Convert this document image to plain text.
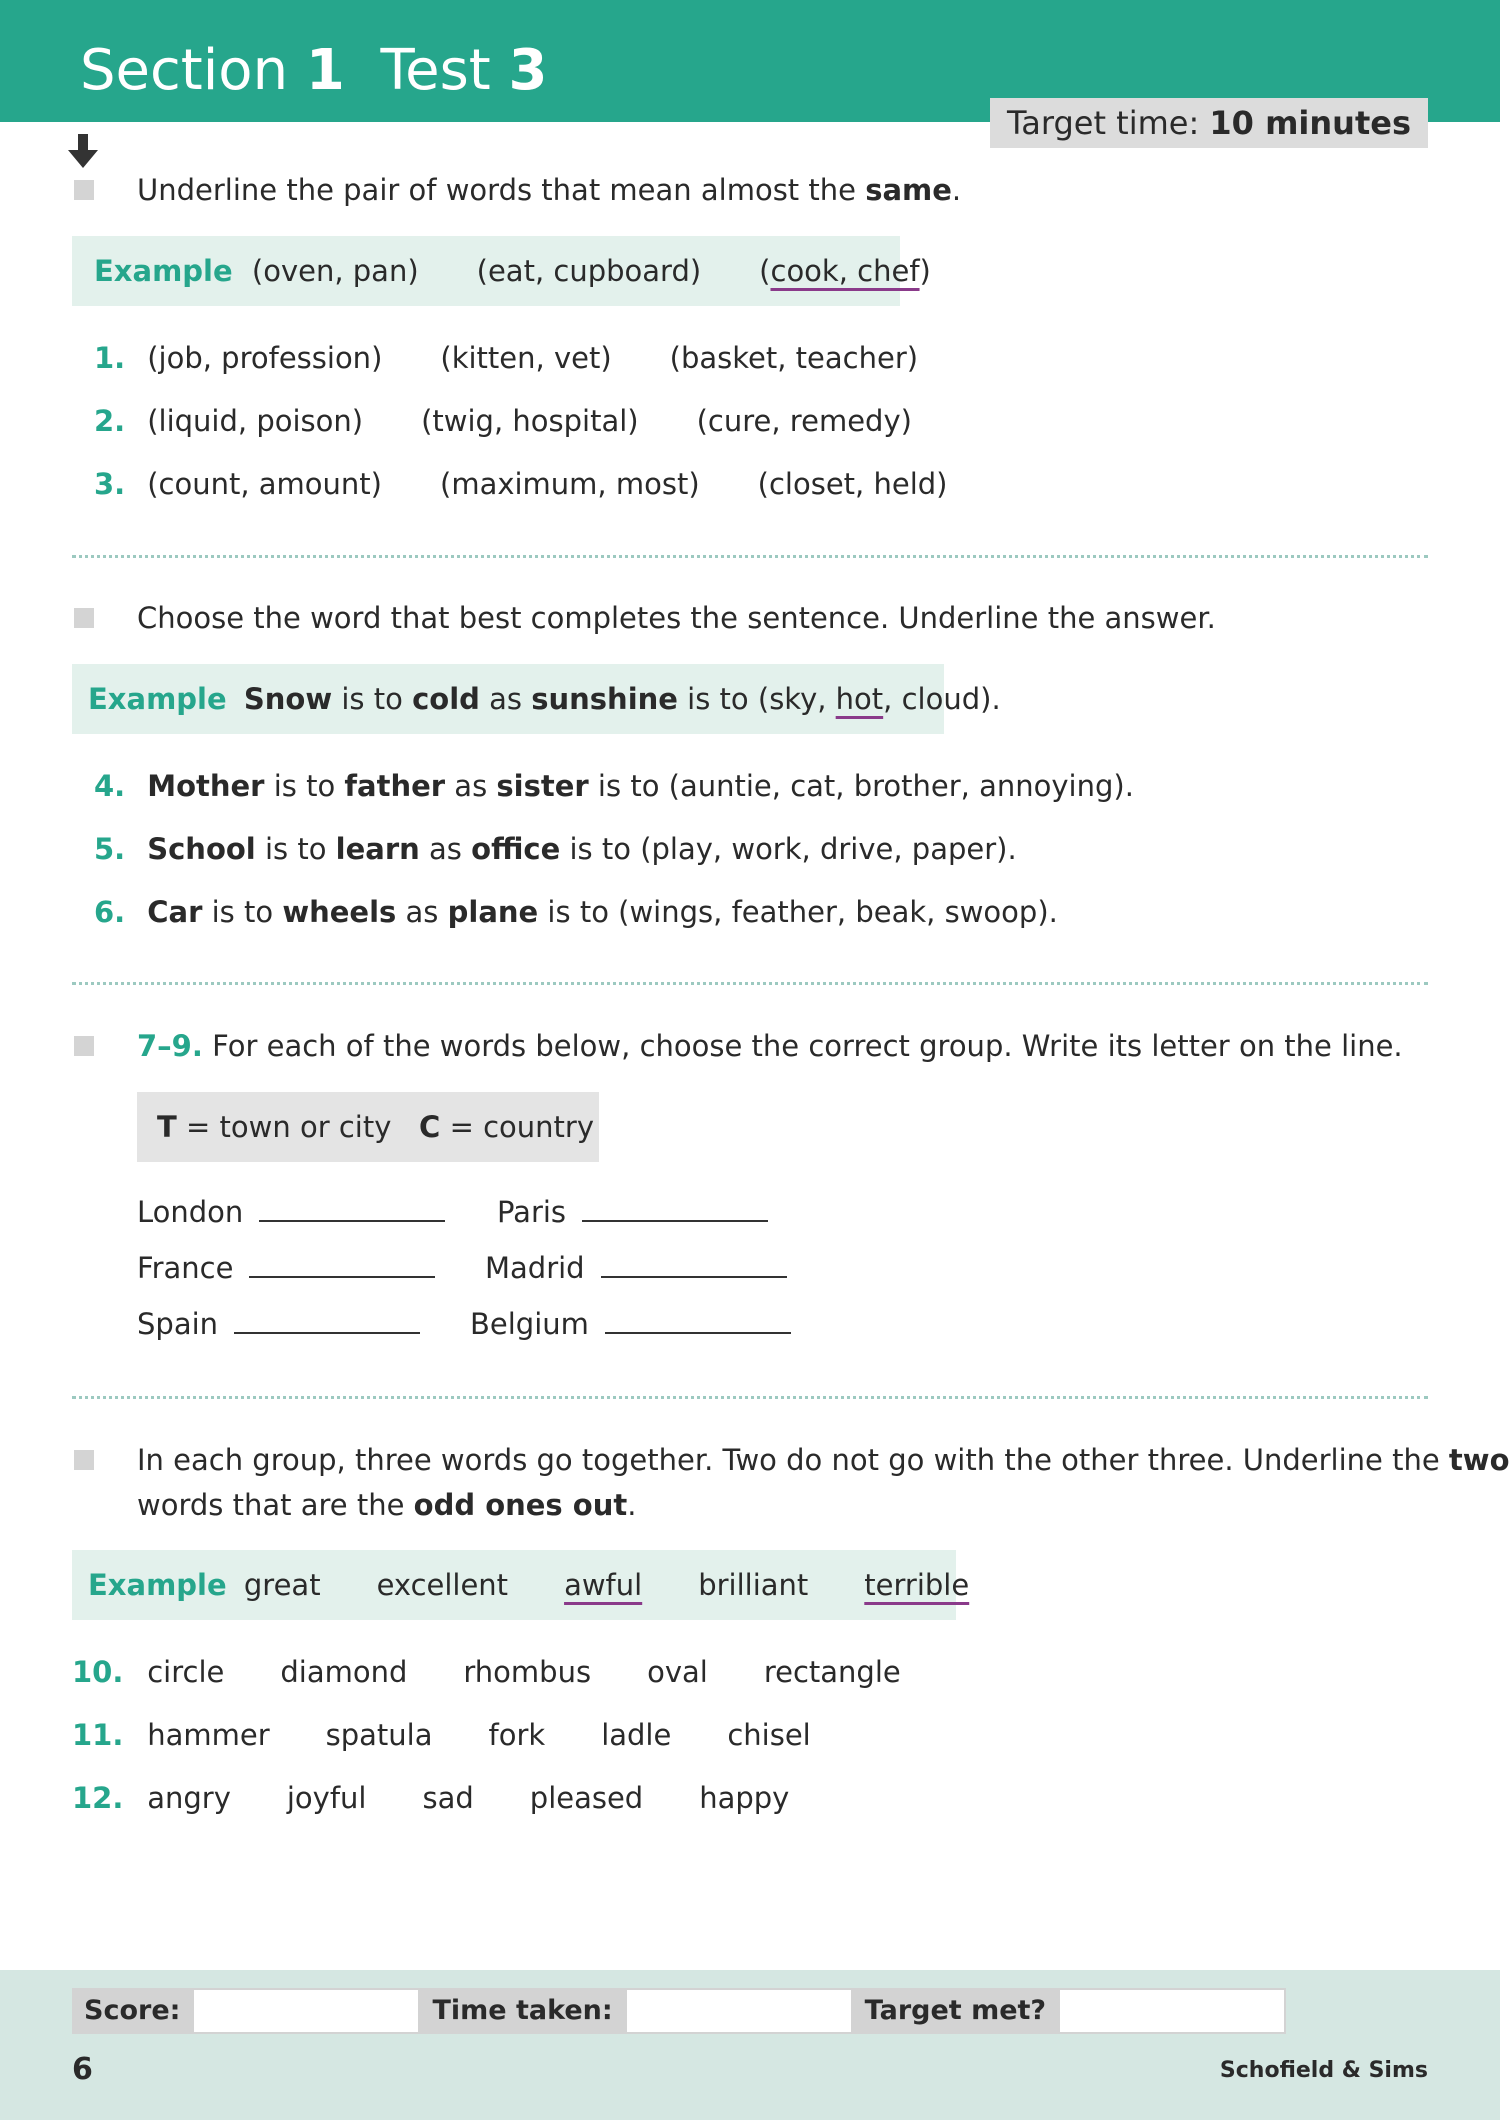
Section 1 Test 3
Target time: 10 minutes
Underline the pair of words that mean almost the same.
Example (oven, pan) (eat, cupboard) (cook, chef)
1. (job, profession) (kitten, vet) (basket, teacher)
2. (liquid, poison) (twig, hospital) (cure, remedy)
3. (count, amount) (maximum, most) (closet, held)
Choose the word that best completes the sentence. Underline the answer.
Example Snow is to cold as sunshine is to (sky, hot, cloud).
4. Mother is to father as sister is to (auntie, cat, brother, annoying).
5. School is to learn as office is to (play, work, drive, paper).
6. Car is to wheels as plane is to (wings, feather, beak, swoop).
7–9. For each of the words below, choose the correct group. Write its letter on the line.
T = town or city C = country
London	Paris
France	Madrid
Spain	Belgium
In each group, three words go together. Two do not go with the other three. Underline the two
words that are the odd ones out.
Example great excellent awful brilliant terrible
10. circle diamond rhombus oval rectangle
11. hammer spatula fork ladle chisel
12. angry joyful sad pleased happy
Score:	Time taken:	Target met?
6	Schofield & Sims
